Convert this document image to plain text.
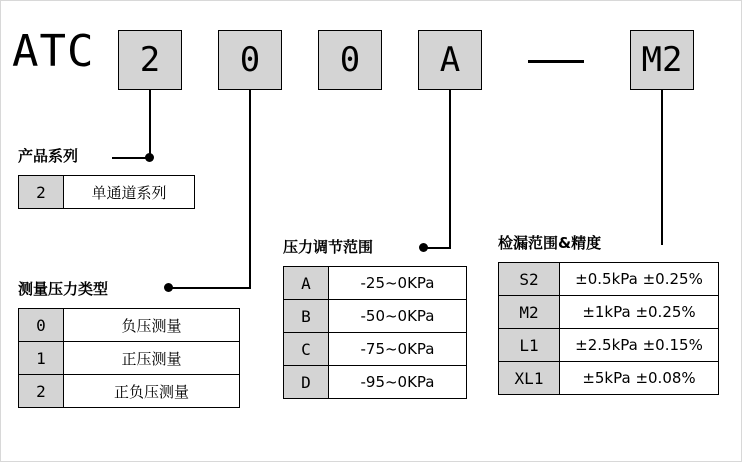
ATC	2	0	0	A	M2
产品系列
2	单通道系列
测量压力类型
0	负压测量
1	正压测量
2	正负压测量
压力调节范围
A	-25~0KPa
B	-50~0KPa
C	-75~0KPa
D	-95~0KPa
检漏范围&精度
S2	±0.5kPa ±0.25%
M2	±1kPa ±0.25%
L1	±2.5kPa ±0.15%
XL1	±5kPa ±0.08%
